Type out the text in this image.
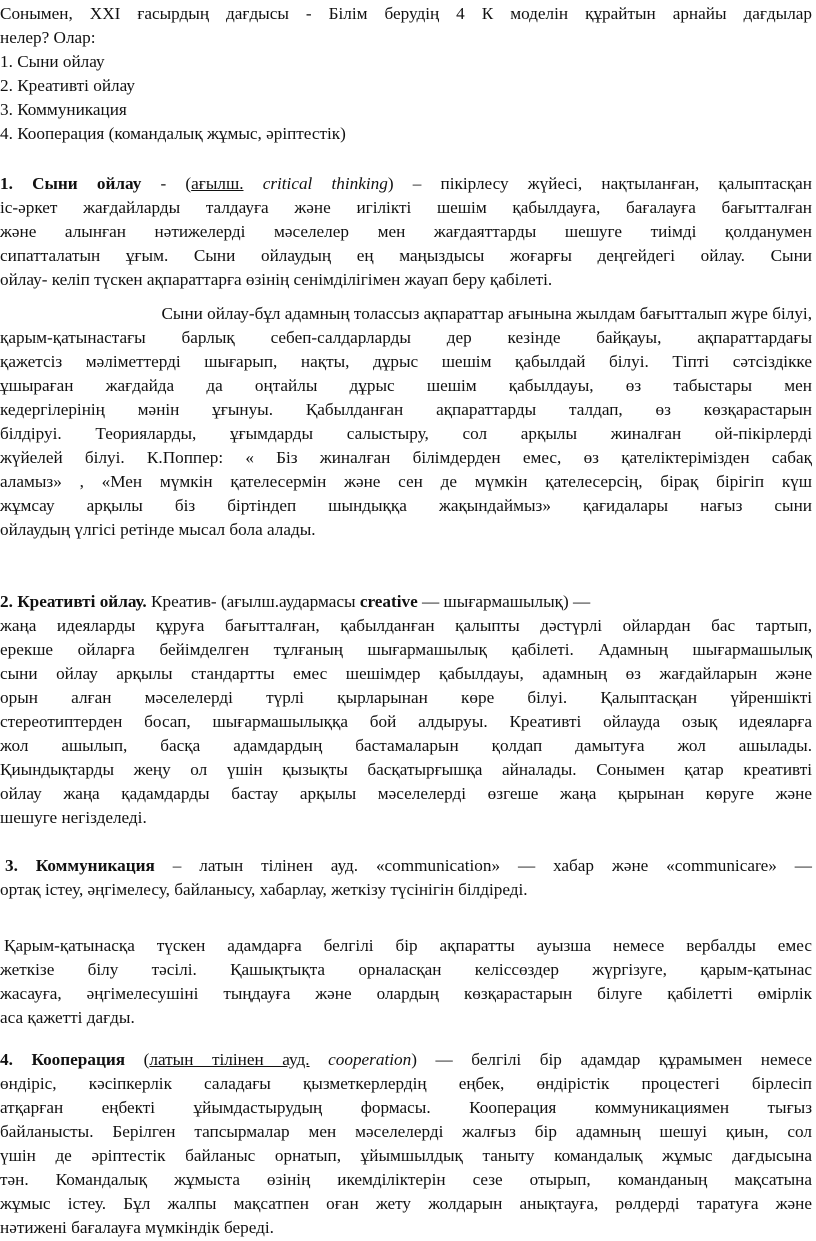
Сонымен, XXI ғасырдың дағдысы - Білім берудің 4 К моделін құрайтын арнайы дағдылар
нелер? Олар:
1. Сыни ойлау
2. Креативті ойлау
3. Коммуникация
4. Кооперация (командалық жұмыс, әріптестік)
1. Сыни ойлау - (ағылш. critical thinking) – пікірлесу жүйесі, нақтыланған, қалыптасқан
іс-әркет жағдайларды талдауға және игілікті шешім қабылдауға, бағалауға бағытталған
және алынған нәтижелерді мәселелер мен жағдаяттарды шешуге тиімді қолданумен
сипатталатын ұғым. Сыни ойлаудың ең маңыздысы жоғарғы деңгейдегі ойлау. Сыни
ойлау- келіп түскен ақпараттарға өзінің сенімділігімен жауап беру қабілеті.
Сыни ойлау-бұл адамның толассыз ақпараттар ағынына жылдам бағытталып жүре білуі,
қарым-қатынастағы барлық себеп-салдарларды дер кезінде байқауы, ақпараттардағы
қажетсіз мәліметтерді шығарып, нақты, дұрыс шешім қабылдай білуі. Тіпті сәтсіздікке
ұшыраған жағдайда да оңтайлы дұрыс шешім қабылдауы, өз табыстары мен
кедергілерінің мәнін ұғынуы. Қабылданған ақпараттарды талдап, өз көзқарастарын
білдіруі. Теорияларды, ұғымдарды салыстыру, сол арқылы жиналған ой-пікірлерді
жүйелей білуі. К.Поппер: « Біз жиналған білімдерден емес, өз қателіктерімізден сабақ
аламыз» , «Мен мүмкін қателесермін және сен де мүмкін қателесерсің, бірақ бірігіп күш
жұмсау арқылы біз біртіндеп шындыққа жақындаймыз» қағидалары нағыз сыни
ойлаудың үлгісі ретінде мысал бола алады.
2. Креативті ойлау. Креатив- (ағылш.аудармасы creative — шығармашылық) —
жаңа идеяларды құруға бағытталған, қабылданған қалыпты дәстүрлі ойлардан бас тартып,
ерекше ойларға бейімделген тұлғаның шығармашылық қабілеті. Адамның шығармашылық
сыни ойлау арқылы стандартты емес шешімдер қабылдауы, адамның өз жағдайларын және
орын алған мәселелерді түрлі қырларынан көре білуі. Қалыптасқан үйреншікті
стереотиптерден босап, шығармашылыққа бой алдыруы. Креативті ойлауда озық идеяларға
жол ашылып, басқа адамдардың бастамаларын қолдап дамытуға жол ашылады.
Қиындықтарды жеңу ол үшін қызықты басқатырғышқа айналады. Сонымен қатар креативті
ойлау жаңа қадамдарды бастау арқылы мәселелерді өзгеше жаңа қырынан көруге және
шешуге негізделеді.
3. Коммуникация – латын тілінен ауд. «communication» — хабар және «communicare» —
ортақ істеу, әңгімелесу, байланысу, хабарлау, жеткізу түсінігін білдіреді.
Қарым-қатынасқа түскен адамдарға белгілі бір ақпаратты ауызша немесе вербалды емес
жеткізе білу тәсілі. Қашықтықта орналасқан келіссөздер жүргізуге, қарым-қатынас
жасауға, әңгімелесушіні тыңдауға және олардың көзқарастарын білуге қабілетті өмірлік
аса қажетті дағды.
4. Кооперация (латын тілінен ауд. cooperation) — белгілі бір адамдар құрамымен немесе
өндіріс, кәсіпкерлік саладағы қызметкерлердің еңбек, өндірістік процестегі бірлесіп
атқарған еңбекті ұйымдастырудың формасы. Кооперация коммуникациямен тығыз
байланысты. Берілген тапсырмалар мен мәселелерді жалғыз бір адамның шешуі қиын, сол
үшін де әріптестік байланыс орнатып, ұйымшылдық таныту командалық жұмыс дағдысына
тән. Командалық жұмыста өзінің икемділіктерін сезе отырып, команданың мақсатына
жұмыс істеу. Бұл жалпы мақсатпен оған жету жолдарын анықтауға, рөлдерді таратуға және
нәтижені бағалауға мүмкіндік береді.
